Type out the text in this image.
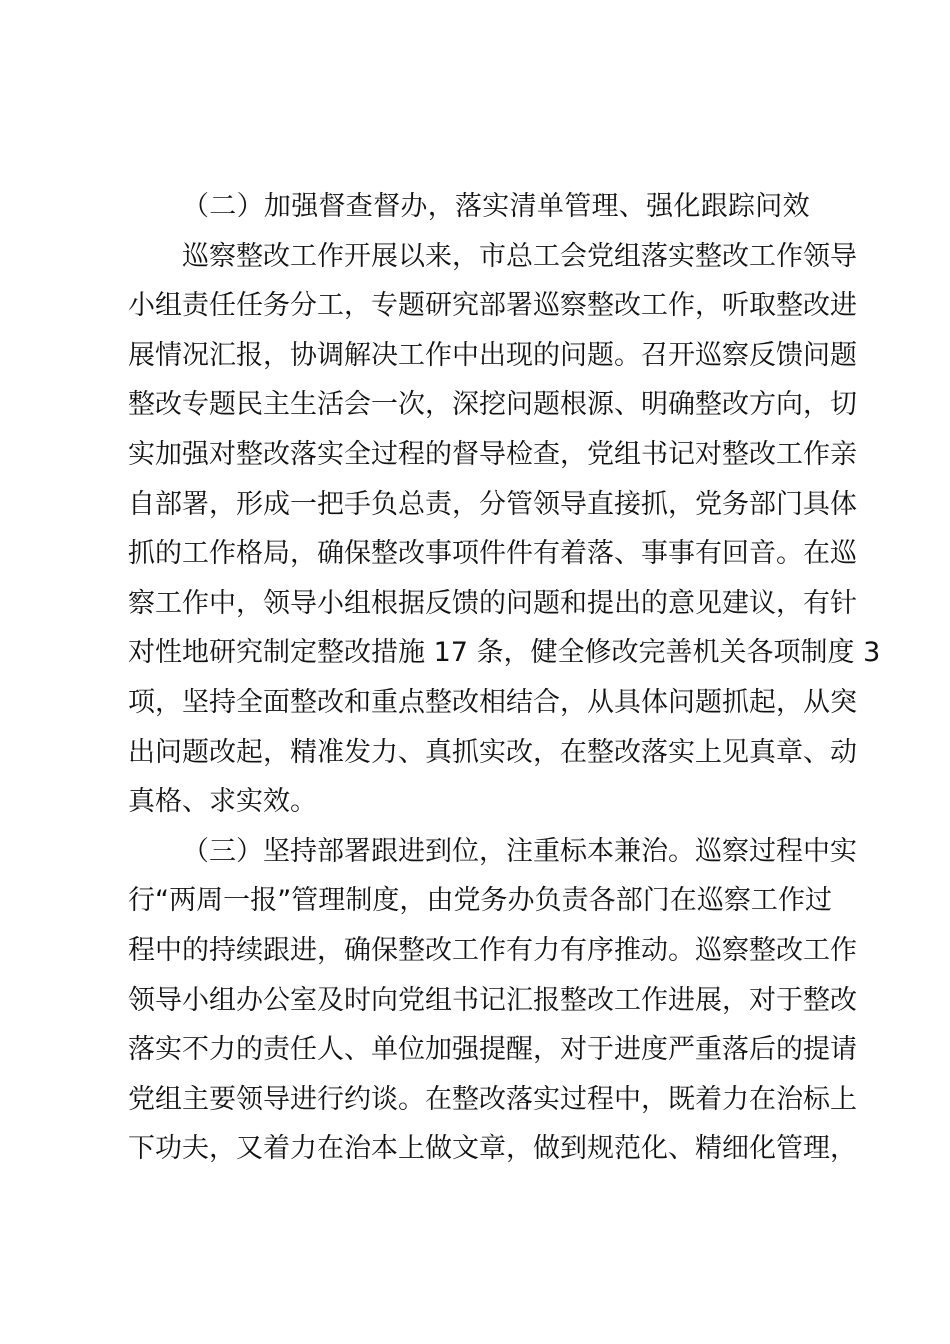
（二）加强督查督办，落实清单管理、强化跟踪问效
巡察整改工作开展以来，市总工会党组落实整改工作领导
小组责任任务分工，专题研究部署巡察整改工作，听取整改进
展情况汇报，协调解决工作中出现的问题。召开巡察反馈问题
整改专题民主生活会一次，深挖问题根源、明确整改方向，切
实加强对整改落实全过程的督导检查，党组书记对整改工作亲
自部署，形成一把手负总责，分管领导直接抓，党务部门具体
抓的工作格局，确保整改事项件件有着落、事事有回音。在巡
察工作中，领导小组根据反馈的问题和提出的意见建议，有针
对性地研究制定整改措施 17 条，健全修改完善机关各项制度 3
项，坚持全面整改和重点整改相结合，从具体问题抓起，从突
出问题改起，精准发力、真抓实改，在整改落实上见真章、动
真格、求实效。
（三）坚持部署跟进到位，注重标本兼治。巡察过程中实
行“两周一报”管理制度，由党务办负责各部门在巡察工作过
程中的持续跟进，确保整改工作有力有序推动。巡察整改工作
领导小组办公室及时向党组书记汇报整改工作进展，对于整改
落实不力的责任人、单位加强提醒，对于进度严重落后的提请
党组主要领导进行约谈。在整改落实过程中，既着力在治标上
下功夫，又着力在治本上做文章，做到规范化、精细化管理，
